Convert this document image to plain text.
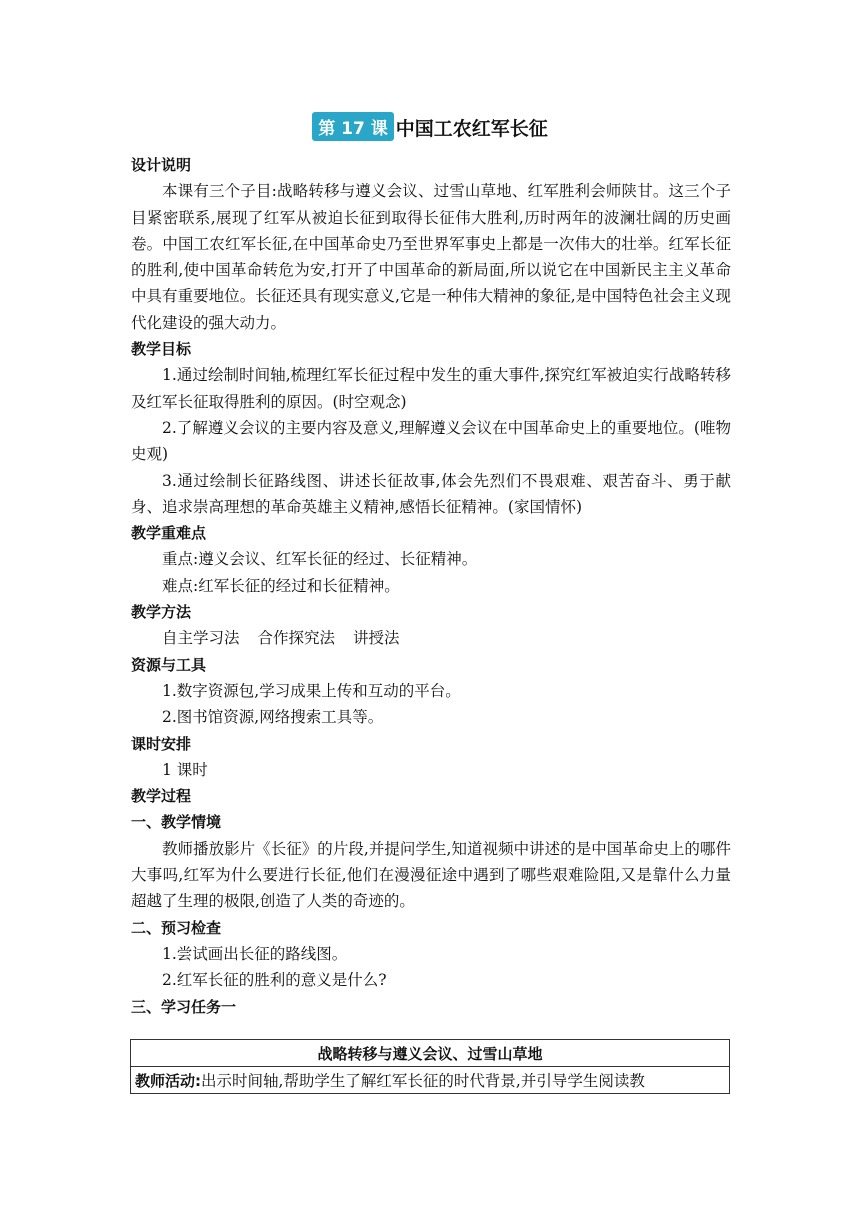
第 17 课 中国工农红军长征
设计说明
本课有三个子目:战略转移与遵义会议、过雪山草地、红军胜利会师陕甘。这三个子目紧密联系,展现了红军从被迫长征到取得长征伟大胜利,历时两年的波澜壮阔的历史画卷。中国工农红军长征,在中国革命史乃至世界军事史上都是一次伟大的壮举。红军长征的胜利,使中国革命转危为安,打开了中国革命的新局面,所以说它在中国新民主主义革命中具有重要地位。长征还具有现实意义,它是一种伟大精神的象征,是中国特色社会主义现代化建设的强大动力。
教学目标
1.通过绘制时间轴,梳理红军长征过程中发生的重大事件,探究红军被迫实行战略转移及红军长征取得胜利的原因。(时空观念)
2.了解遵义会议的主要内容及意义,理解遵义会议在中国革命史上的重要地位。(唯物史观)
3.通过绘制长征路线图、讲述长征故事,体会先烈们不畏艰难、艰苦奋斗、勇于献身、追求崇高理想的革命英雄主义精神,感悟长征精神。(家国情怀)
教学重难点
重点:遵义会议、红军长征的经过、长征精神。
难点:红军长征的经过和长征精神。
教学方法
自主学习法 合作探究法 讲授法
资源与工具
1.数字资源包,学习成果上传和互动的平台。
2.图书馆资源,网络搜索工具等。
课时安排
1 课时
教学过程
一、教学情境
教师播放影片《长征》的片段,并提问学生,知道视频中讲述的是中国革命史上的哪件大事吗,红军为什么要进行长征,他们在漫漫征途中遇到了哪些艰难险阻,又是靠什么力量超越了生理的极限,创造了人类的奇迹的。
二、预习检查
1.尝试画出长征的路线图。
2.红军长征的胜利的意义是什么?
三、学习任务一
战略转移与遵义会议、过雪山草地
教师活动:出示时间轴,帮助学生了解红军长征的时代背景,并引导学生阅读教
